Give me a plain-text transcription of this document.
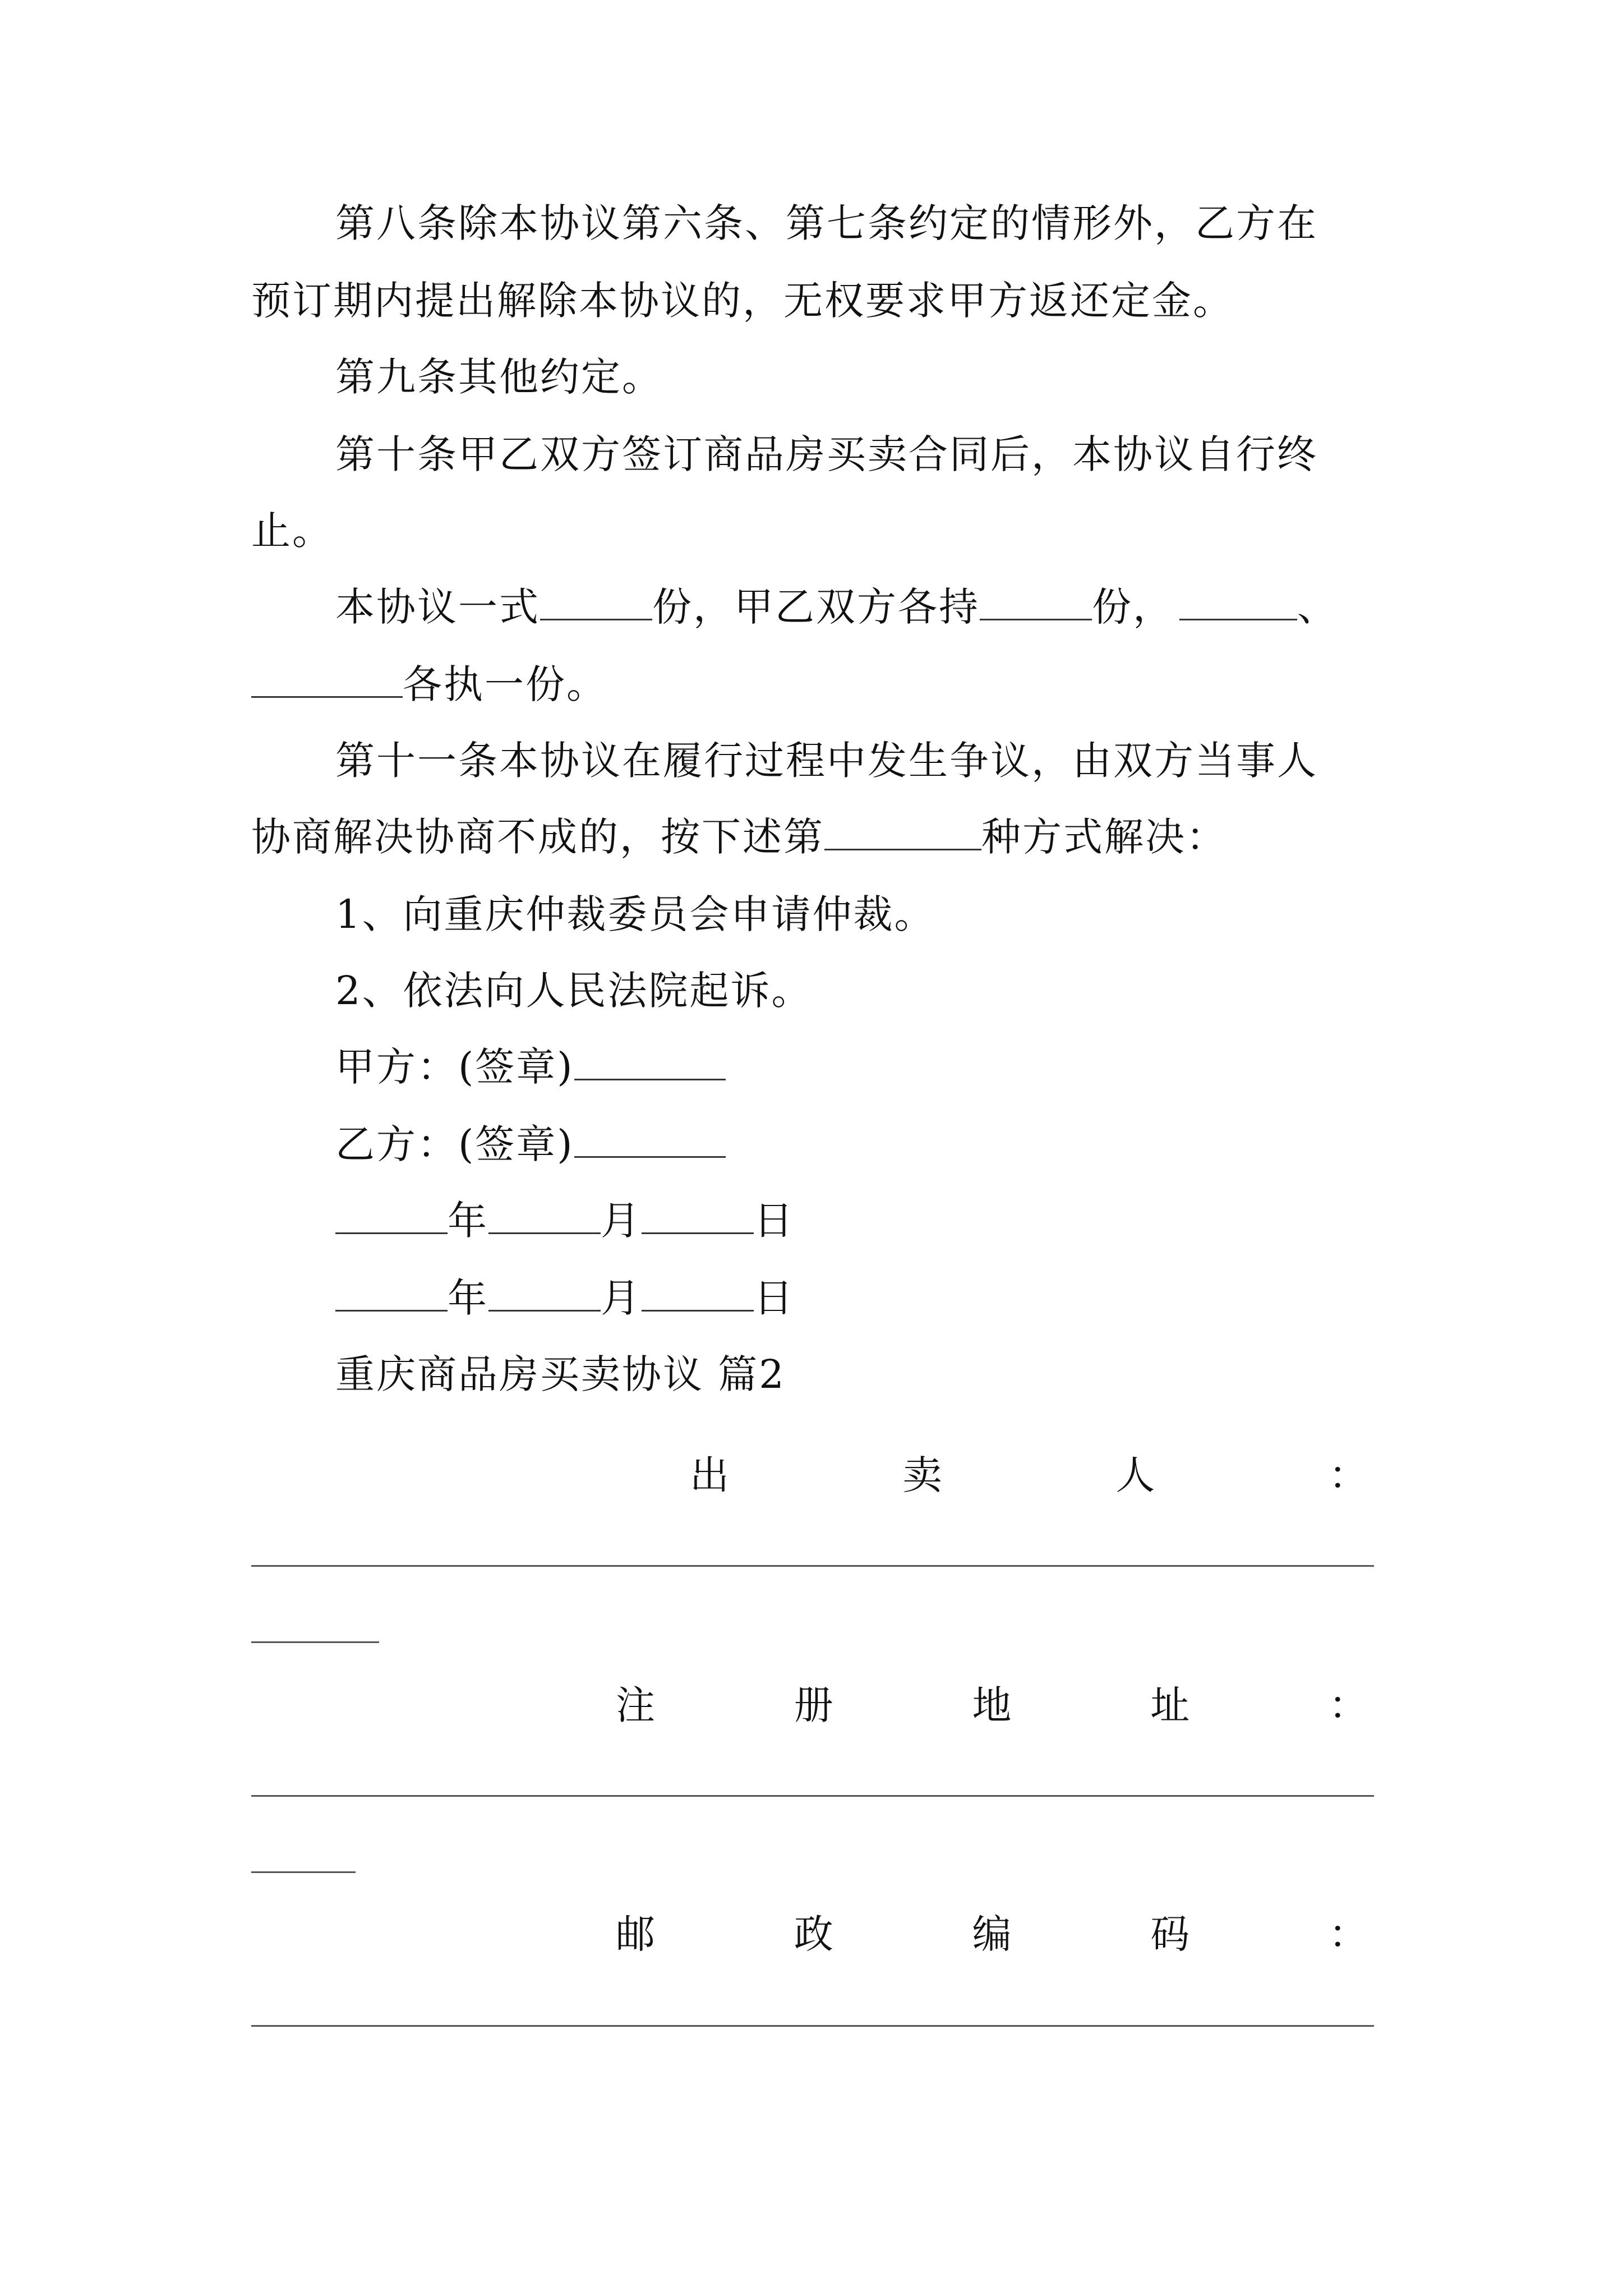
第八条除本协议第六条、第七条约定的情形外，乙方在
预订期内提出解除本协议的，无权要求甲方返还定金。
第九条其他约定。
第十条甲乙双方签订商品房买卖合同后，本协议自行终
止。
本协议一式	份，甲乙双方各持	份，	、
各执一份。
第十一条本协议在履行过程中发生争议，由双方当事人
协商解决协商不成的，按下述第	种方式解决：
1、向重庆仲裁委员会申请仲裁。
2、依法向人民法院起诉。
甲方：(签章)
乙方：(签章)
年	月	日
年	月	日
重庆商品房买卖协议 篇2
出	卖	人	：
注	册	地	址	：
邮	政	编	码	：
